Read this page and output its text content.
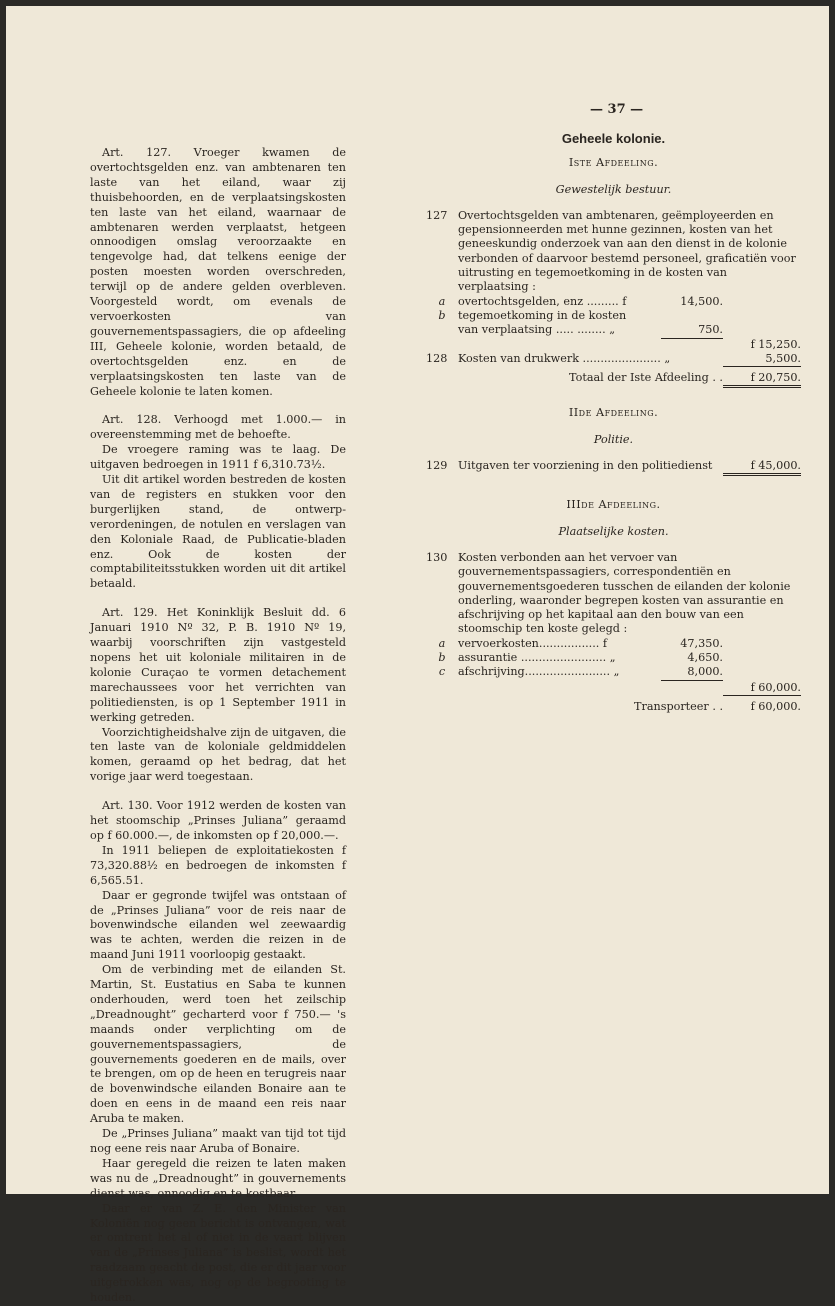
— 37 —

Art. 127. Vroeger kwamen de overtochtsgelden enz. van ambtenaren ten laste van het eiland, waar zij thuisbehoorden, en de verplaatsingskosten ten laste van het eiland, waarnaar de ambtenaren werden verplaatst, hetgeen onnoodigen omslag veroorzaakte en tengevolge had, dat telkens eenige der posten moesten worden overschreden, terwijl op de andere gelden overbleven. Voorgesteld wordt, om evenals de vervoerkosten van gouvernementspassagiers, die op afdeeling III, Geheele kolonie, worden betaald, de overtochtsgelden enz. en de verplaatsingskosten ten laste van de Geheele kolonie te laten komen.

Art. 128. Verhoogd met 1.000.— in overeenstemming met de behoefte.

De vroegere raming was te laag. De uitgaven bedroegen in 1911 f 6,310.73½.

Uit dit artikel worden bestreden de kosten van de registers en stukken voor den burgerlijken stand, de ontwerp-verordeningen, de notulen en verslagen van den Koloniale Raad, de Publicatie-bladen enz. Ook de kosten der comptabiliteitsstukken worden uit dit artikel betaald.

Art. 129. Het Koninklijk Besluit dd. 6 Januari 1910 Nº 32, P. B. 1910 Nº 19, waarbij voorschriften zijn vastgesteld nopens het uit koloniale militairen in de kolonie Curaçao te vormen detachement marechaussees voor het verrichten van politiediensten, is op 1 September 1911 in werking getreden.

Voorzichtigheidshalve zijn de uitgaven, die ten laste van de koloniale geldmiddelen komen, geraamd op het bedrag, dat het vorige jaar werd toegestaan.

Art. 130. Voor 1912 werden de kosten van het stoomschip „Prinses Juliana” geraamd op f 60.000.—, de inkomsten op f 20,000.—.

In 1911 beliepen de exploitatiekosten f 73,320.88½ en bedroegen de inkomsten f 6,565.51.

Daar er gegronde twijfel was ontstaan of de „Prinses Juliana” voor de reis naar de bovenwindsche eilanden wel zeewaardig was te achten, werden die reizen in de maand Juni 1911 voorloopig gestaakt.

Om de verbinding met de eilanden St. Martin, St. Eustatius en Saba te kunnen onderhouden, werd toen het zeilschip „Dreadnought” gecharterd voor f 750.— 's maands onder verplichting om de gouvernementspassagiers, de gouvernements goederen en de mails, over te brengen, om op de heen en terugreis naar de bovenwindsche eilanden Bonaire aan te doen en eens in de maand een reis naar Aruba te maken.

De „Prinses Juliana” maakt van tijd tot tijd nog eene reis naar Aruba of Bonaire.

Haar geregeld die reizen te laten maken was nu de „Dreadnought” in gouvernements dienst was, onnoodig en te kostbaar.

Daar er van Z. E. den Minister van Koloniën nog geen bericht is ontvangen, wat er omtrent het al of niet in de vaart blijven van de „Prinses Juliana” is beslist, wordt het raadzaam geacht de post, die er dit jaar voor uitgetrokken was, nog op de begrooting te houden.

Geheele kolonie.
Iste Afdeeling.
Gewestelijk bestuur.
127 Overtochtsgelden van ambtenaren, geëmployeerden en gepensionneerden met hunne gezinnen, kosten van het geneeskundig onderzoek van aan den dienst in de kolonie verbonden of daarvoor bestemd personeel, graficatiën voor uitrusting en tegemoetkoming in de kosten van verplaatsing :
a	overtochtsgelden, enz ......... f	14,500.
b	tegemoetkoming in de kosten
van verplaatsing ..... ........ „	750.
f 15,250.
128 Kosten van drukwerk ...................... „	5,500.
Totaal der Iste Afdeeling . .	f 20,750.
IIde Afdeeling.
Politie.
129 Uitgaven ter voorziening in den politiedienst	f 45,000.
IIIde Afdeeling.
Plaatselijke kosten.
130 Kosten verbonden aan het vervoer van gouvernementspassagiers, correspondentiën en gouvernementsgoederen tusschen de eilanden der kolonie onderling, waaronder begrepen kosten van assurantie en afschrijving op het kapitaal aan den bouw van een stoomschip ten koste gelegd :
a	vervoerkosten................. f	47,350.
b	assurantie ........................ „	4,650.
c	afschrijving........................ „	8,000.
f 60,000.
Transporteer . .	f 60,000.
